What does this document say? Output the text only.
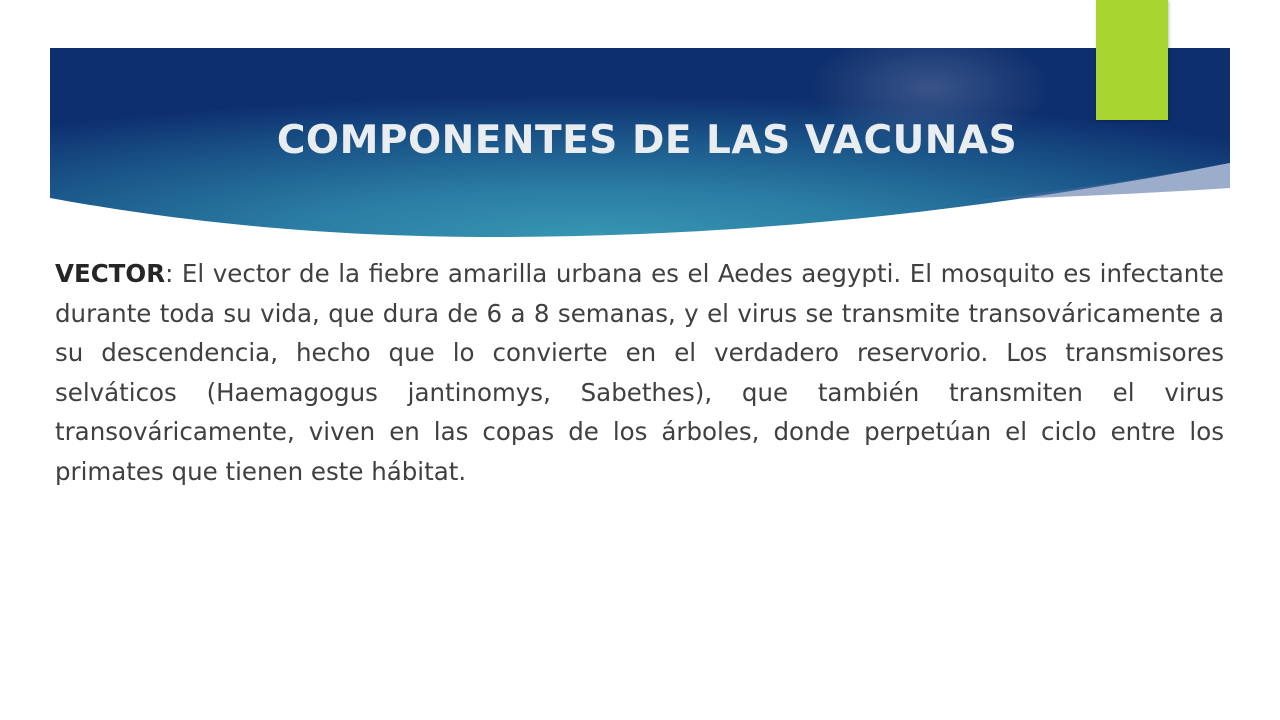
COMPONENTES DE LAS VACUNAS

VECTOR: El vector de la fiebre amarilla urbana es el Aedes aegypti. El mosquito es infectante durante toda su vida, que dura de 6 a 8 semanas, y el virus se transmite transováricamente a su descendencia, hecho que lo convierte en el verdadero reservorio. Los transmisores selváticos (Haemagogus jantinomys, Sabethes), que también transmiten el virus transováricamente, viven en las copas de los árboles, donde perpetúan el ciclo entre los primates que tienen este hábitat.
